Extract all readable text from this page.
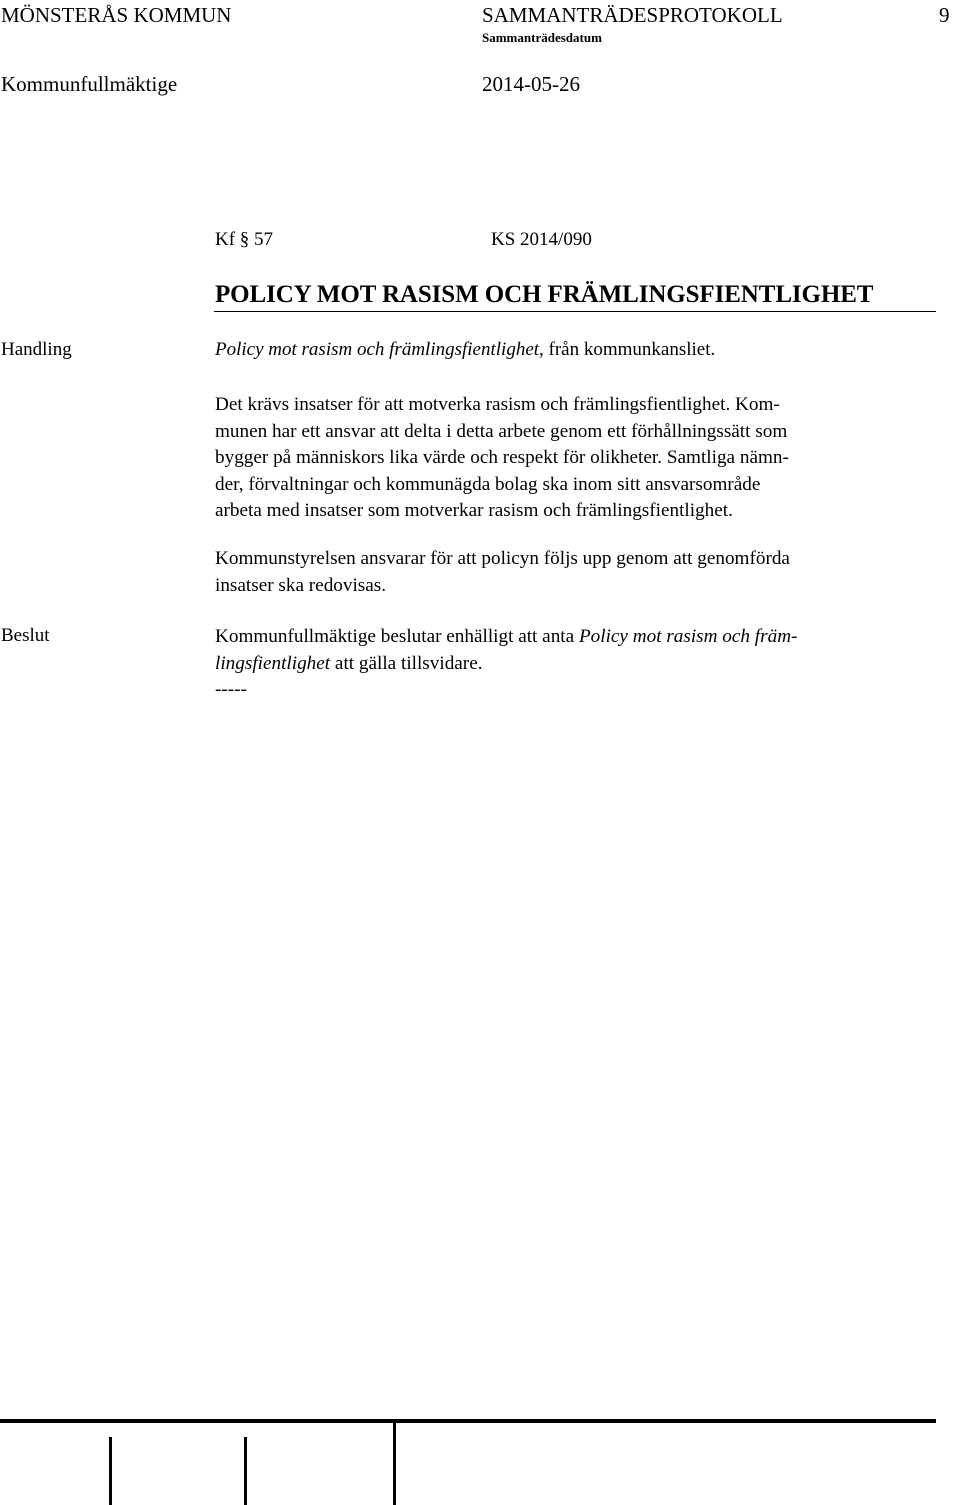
MÖNSTERÅS KOMMUN	SAMMANTRÄDESPROTOKOLL	9
Sammanträdesdatum
Kommunfullmäktige	2014-05-26
Kf § 57	KS 2014/090
POLICY MOT RASISM OCH FRÄMLINGSFIENTLIGHET
Handling	Policy mot rasism och främlingsfientlighet, från kommunkansliet.
Det krävs insatser för att motverka rasism och främlingsfientlighet. Kom-
munen har ett ansvar att delta i detta arbete genom ett förhållningssätt som
bygger på människors lika värde och respekt för olikheter. Samtliga nämn-
der, förvaltningar och kommunägda bolag ska inom sitt ansvarsområde
arbeta med insatser som motverkar rasism och främlingsfientlighet.
Kommunstyrelsen ansvarar för att policyn följs upp genom att genomförda
insatser ska redovisas.
Beslut	Kommunfullmäktige beslutar enhälligt att anta Policy mot rasism och främ-
lingsfientlighet att gälla tillsvidare.
-----
